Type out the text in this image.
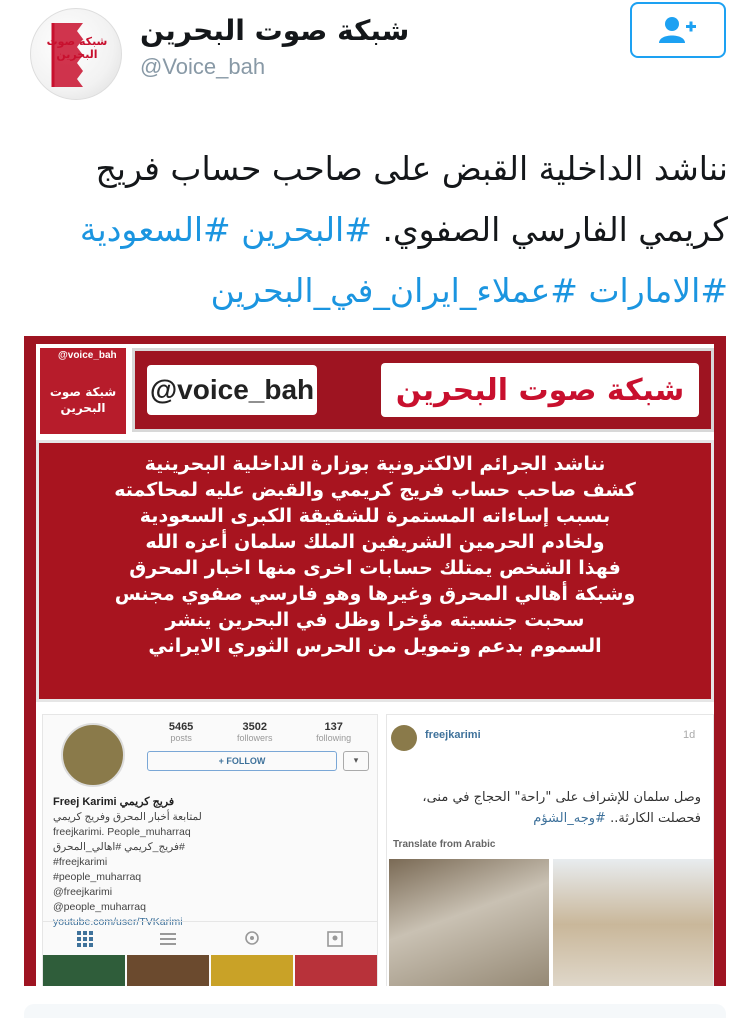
شبكة صوت البحرين
شبكة صوت البحرين
@Voice_bah
نناشد الداخلية القبض على صاحب حساب فريج كريمي الفارسي الصفوي. #البحرين #السعودية #الامارات #عملاء_ايران_في_البحرين
@voice_bah
شبكة صوت البحرين
@voice_bah	شبكة صوت البحرين
نناشد الجرائم الالكترونية بوزارة الداخلية البحرينية
كشف صاحب حساب فريج كريمي والقبض عليه لمحاكمته
بسبب إساءاته المستمرة للشقيقة الكبرى السعودية
ولخادم الحرمين الشريفين الملك سلمان أعزه الله
فهذا الشخص يمتلك حسابات اخرى منها اخبار المحرق
وشبكة أهالي المحرق وغيرها وهو فارسي صفوي مجنس
سحبت جنسيته مؤخرا وظل في البحرين ينشر
السموم بدعم وتمويل من الحرس الثوري الايراني
5465
posts
3502
followers
137
following
+ FOLLOW	▾
Freej Karimi فريج كريمي
لمتابعة أخبار المحرق وفريج كريمي
freejkarimi. People_muharraq
#فريج_كريمي #اهالي_المحرق
#freejkarimi
#people_muharraq
@freejkarimi
@people_muharraq
youtube.com/user/TVKarimi
freejkarimi	1d
وصل سلمان للإشراف على "راحة" الحجاج في منى، فحصلت الكارثة.. #وجه_الشؤم
Translate from Arabic
